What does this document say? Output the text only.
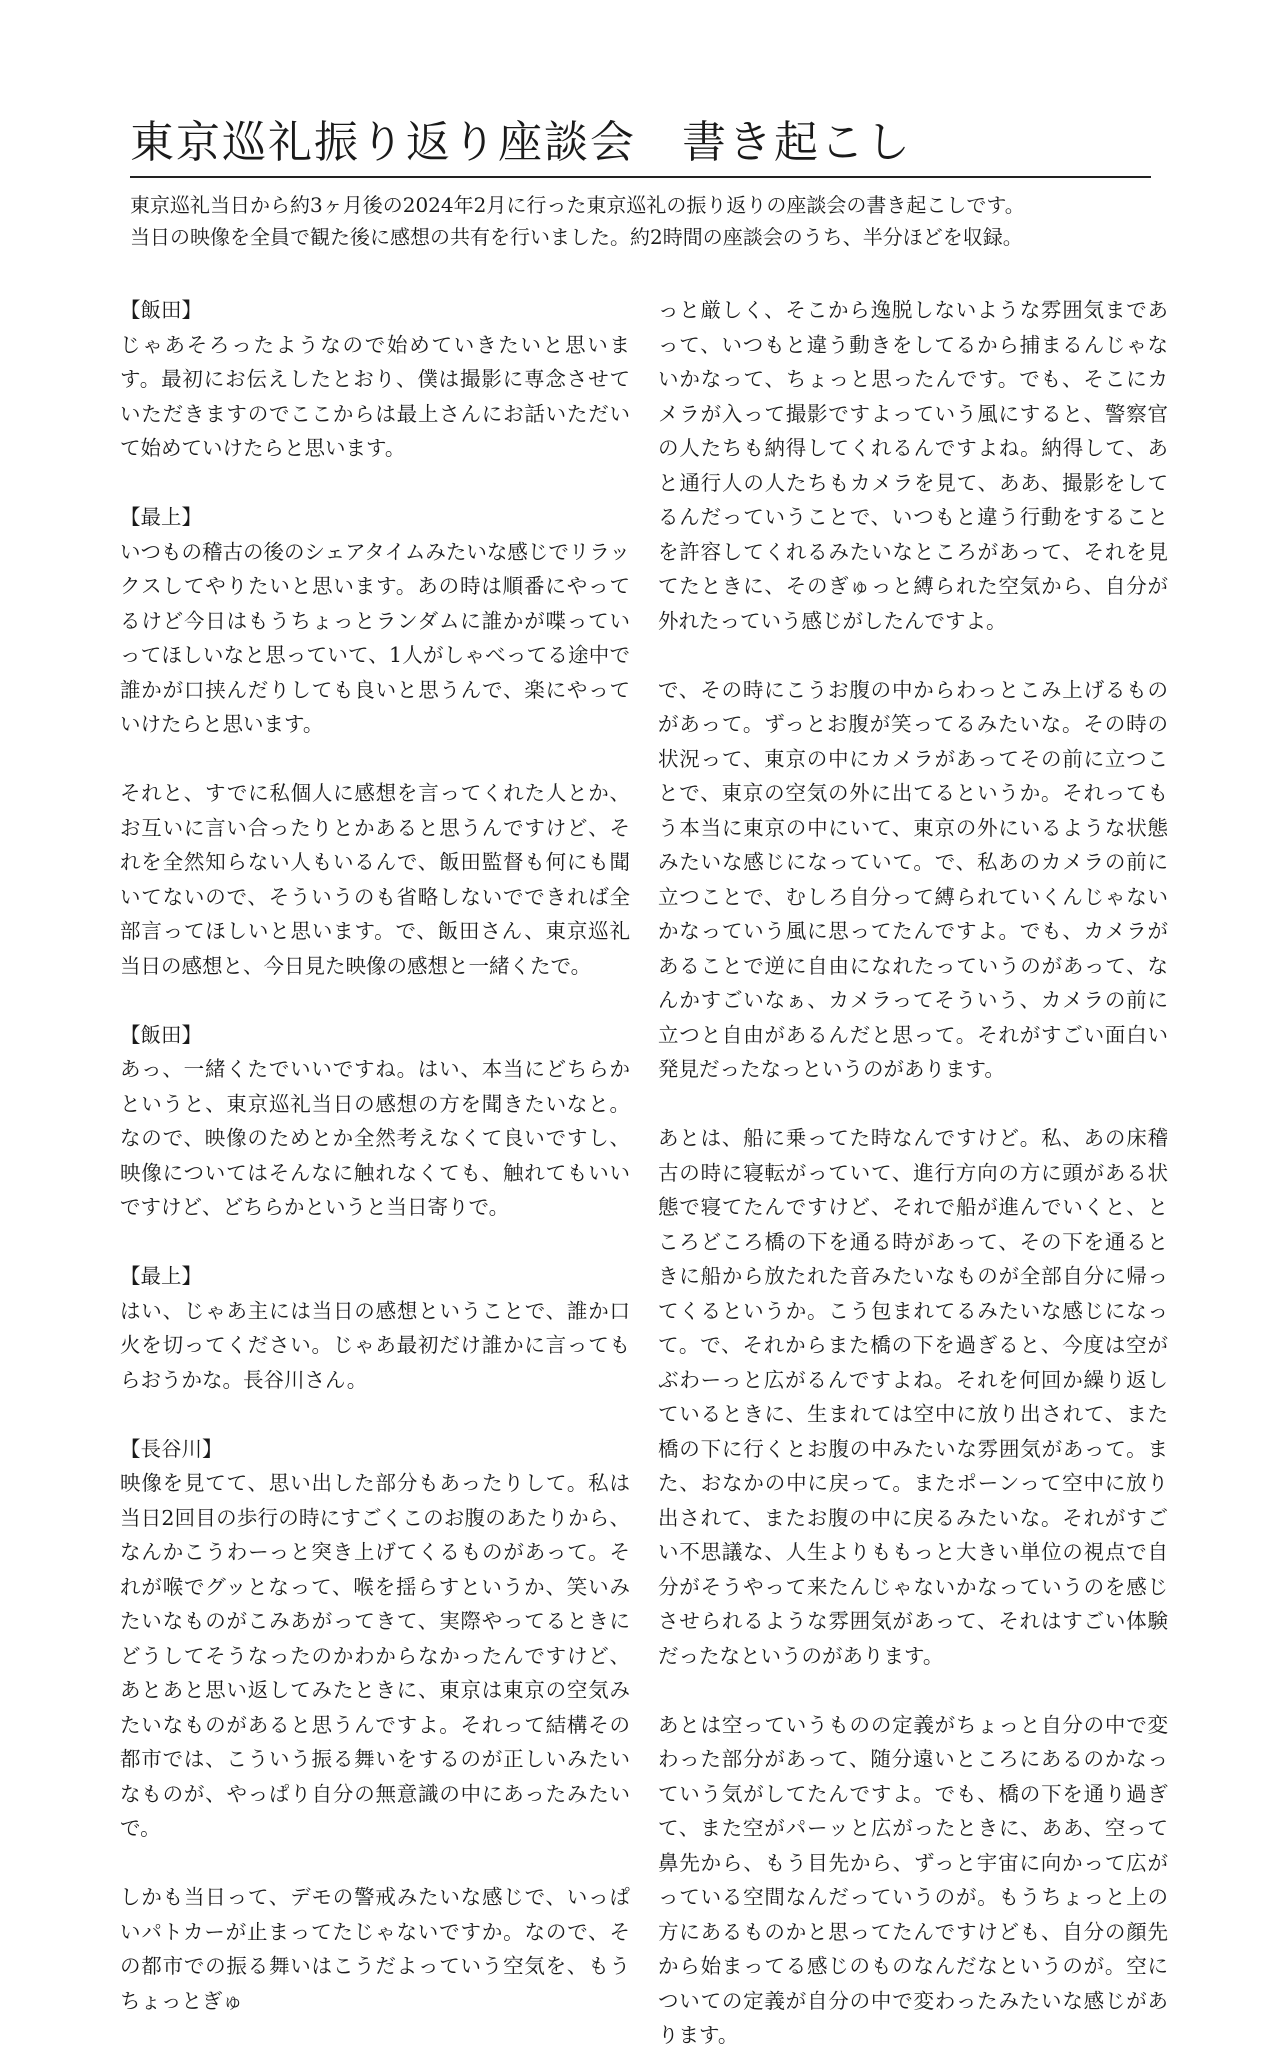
東京巡礼振り返り座談会　書き起こし

東京巡礼当日から約3ヶ月後の2024年2月に行った東京巡礼の振り返りの座談会の書き起こしです。

当日の映像を全員で観た後に感想の共有を行いました。約2時間の座談会のうち、半分ほどを収録。

【飯田】

じゃあそろったようなので始めていきたいと思います。最初にお伝えしたとおり、僕は撮影に専念させていただきますのでここからは最上さんにお話いただいて始めていけたらと思います。

【最上】

いつもの稽古の後のシェアタイムみたいな感じでリラックスしてやりたいと思います。あの時は順番にやってるけど今日はもうちょっとランダムに誰かが喋っていってほしいなと思っていて、1人がしゃべってる途中で誰かが口挟んだりしても良いと思うんで、楽にやっていけたらと思います。

それと、すでに私個人に感想を言ってくれた人とか、お互いに言い合ったりとかあると思うんですけど、それを全然知らない人もいるんで、飯田監督も何にも聞いてないので、そういうのも省略しないでできれば全部言ってほしいと思います。で、飯田さん、東京巡礼当日の感想と、今日見た映像の感想と一緒くたで。

【飯田】

あっ、一緒くたでいいですね。はい、本当にどちらかというと、東京巡礼当日の感想の方を聞きたいなと。なので、映像のためとか全然考えなくて良いですし、映像についてはそんなに触れなくても、触れてもいいですけど、どちらかというと当日寄りで。

【最上】

はい、じゃあ主には当日の感想ということで、誰か口火を切ってください。じゃあ最初だけ誰かに言ってもらおうかな。長谷川さん。

【長谷川】

映像を見てて、思い出した部分もあったりして。私は当日2回目の歩行の時にすごくこのお腹のあたりから、なんかこうわーっと突き上げてくるものがあって。それが喉でグッとなって、喉を揺らすというか、笑いみたいなものがこみあがってきて、実際やってるときにどうしてそうなったのかわからなかったんですけど、あとあと思い返してみたときに、東京は東京の空気みたいなものがあると思うんですよ。それって結構その都市では、こういう振る舞いをするのが正しいみたいなものが、やっぱり自分の無意識の中にあったみたいで。

しかも当日って、デモの警戒みたいな感じで、いっぱいパトカーが止まってたじゃないですか。なので、その都市での振る舞いはこうだよっていう空気を、もうちょっとぎゅ

っと厳しく、そこから逸脱しないような雰囲気まであって、いつもと違う動きをしてるから捕まるんじゃないかなって、ちょっと思ったんです。でも、そこにカメラが入って撮影ですよっていう風にすると、警察官の人たちも納得してくれるんですよね。納得して、あと通行人の人たちもカメラを見て、ああ、撮影をしてるんだっていうことで、いつもと違う行動をすることを許容してくれるみたいなところがあって、それを見てたときに、そのぎゅっと縛られた空気から、自分が外れたっていう感じがしたんですよ。

で、その時にこうお腹の中からわっとこみ上げるものがあって。ずっとお腹が笑ってるみたいな。その時の状況って、東京の中にカメラがあってその前に立つことで、東京の空気の外に出てるというか。それってもう本当に東京の中にいて、東京の外にいるような状態みたいな感じになっていて。で、私あのカメラの前に立つことで、むしろ自分って縛られていくんじゃないかなっていう風に思ってたんですよ。でも、カメラがあることで逆に自由になれたっていうのがあって、なんかすごいなぁ、カメラってそういう、カメラの前に立つと自由があるんだと思って。それがすごい面白い発見だったなっというのがあります。

あとは、船に乗ってた時なんですけど。私、あの床稽古の時に寝転がっていて、進行方向の方に頭がある状態で寝てたんですけど、それで船が進んでいくと、ところどころ橋の下を通る時があって、その下を通るときに船から放たれた音みたいなものが全部自分に帰ってくるというか。こう包まれてるみたいな感じになって。で、それからまた橋の下を過ぎると、今度は空がぶわーっと広がるんですよね。それを何回か繰り返しているときに、生まれては空中に放り出されて、また橋の下に行くとお腹の中みたいな雰囲気があって。また、おなかの中に戻って。またポーンって空中に放り出されて、またお腹の中に戻るみたいな。それがすごい不思議な、人生よりももっと大きい単位の視点で自分がそうやって来たんじゃないかなっていうのを感じさせられるような雰囲気があって、それはすごい体験だったなというのがあります。

あとは空っていうものの定義がちょっと自分の中で変わった部分があって、随分遠いところにあるのかなっていう気がしてたんですよ。でも、橋の下を通り過ぎて、また空がパーッと広がったときに、ああ、空って鼻先から、もう目先から、ずっと宇宙に向かって広がっている空間なんだっていうのが。もうちょっと上の方にあるものかと思ってたんですけども、自分の顔先から始まってる感じのものなんだなというのが。空についての定義が自分の中で変わったみたいな感じがあります。
